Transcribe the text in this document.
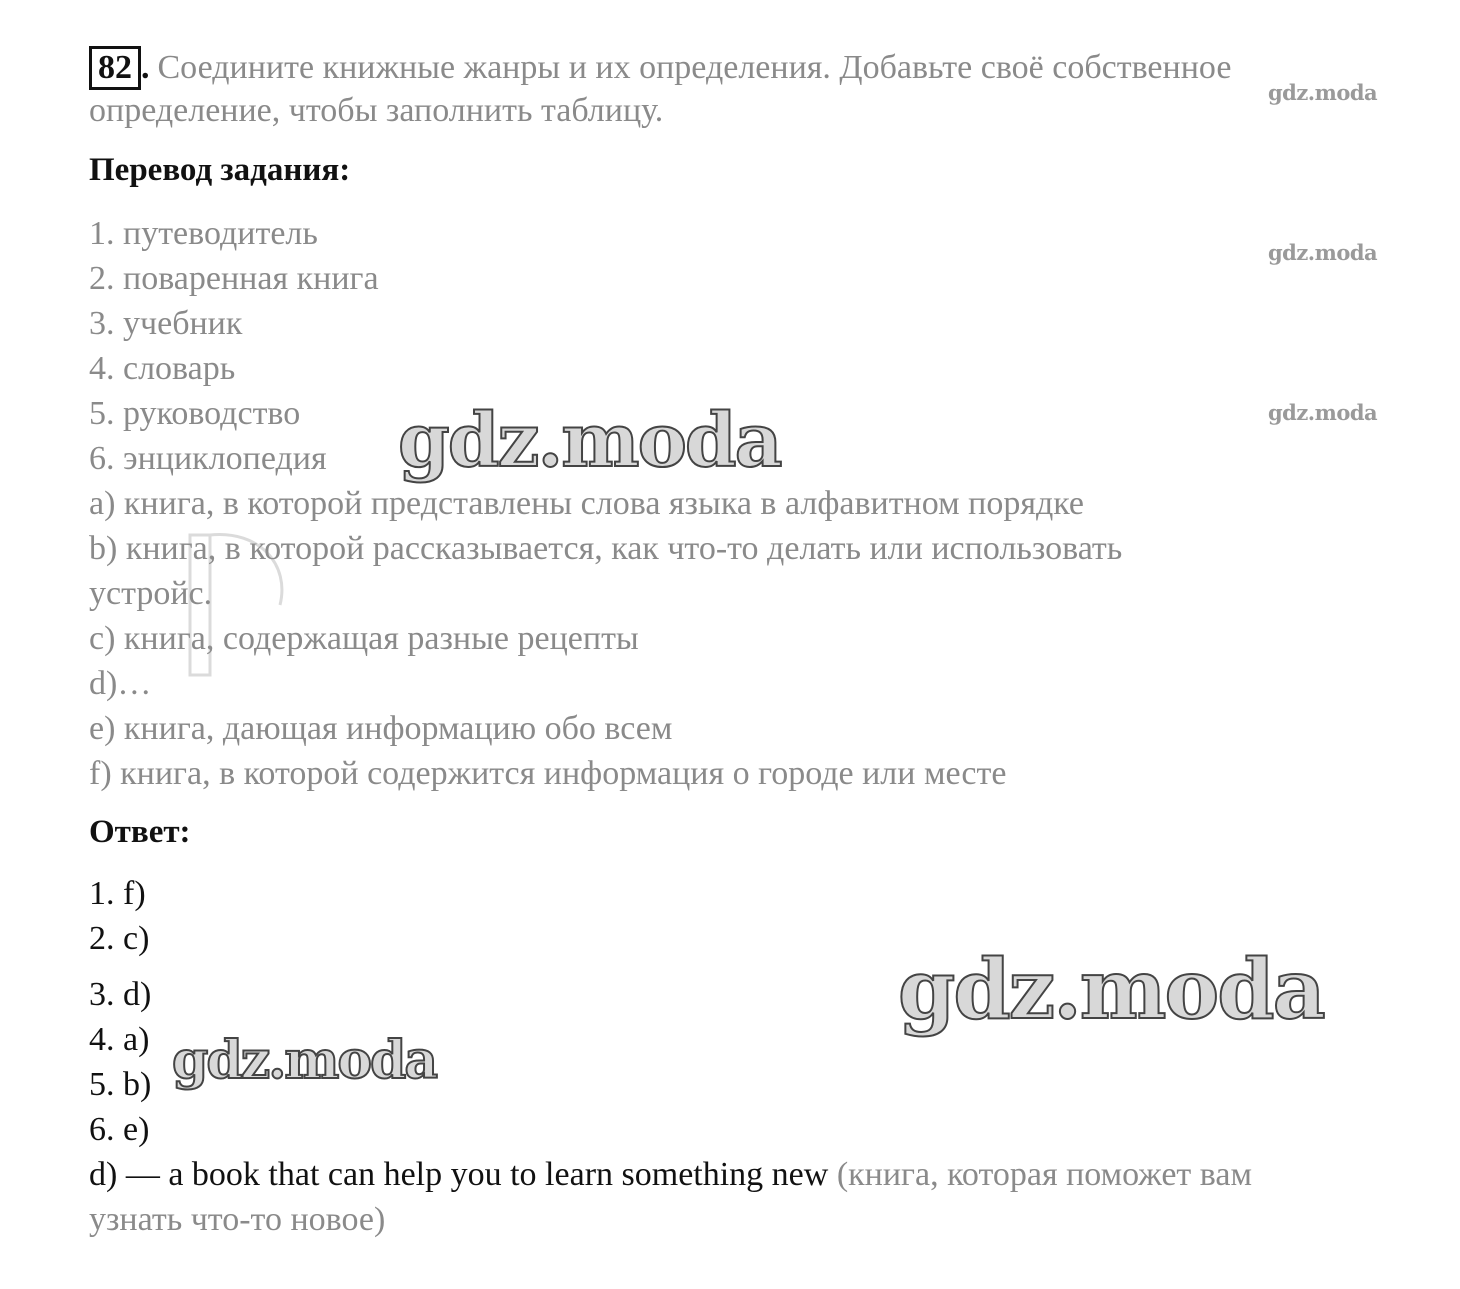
82 . Соедините книжные жанры и их определения. Добавьте своё собственное
определение, чтобы заполнить таблицу.
Перевод задания:
1. путеводитель
2. поваренная книга
3. учебник
4. словарь
5. руководство
6. энциклопедия
a) книга, в которой представлены слова языка в алфавитном порядке
b) книга, в которой рассказывается, как что-то делать или использовать
устройс.
c) книга, содержащая разные рецепты
d)…
e) книга, дающая информацию обо всем
f) книга, в которой содержится информация о городе или месте
Ответ:
1. f)
2. c)
3. d)
4. a)
5. b)
6. e)
d) — a book that can help you to learn something new (книга, которая поможет вам
узнать что-то новое)
gdz.moda
gdz.moda
gdz.moda
gdz.moda
gdz.moda
gdz.moda
